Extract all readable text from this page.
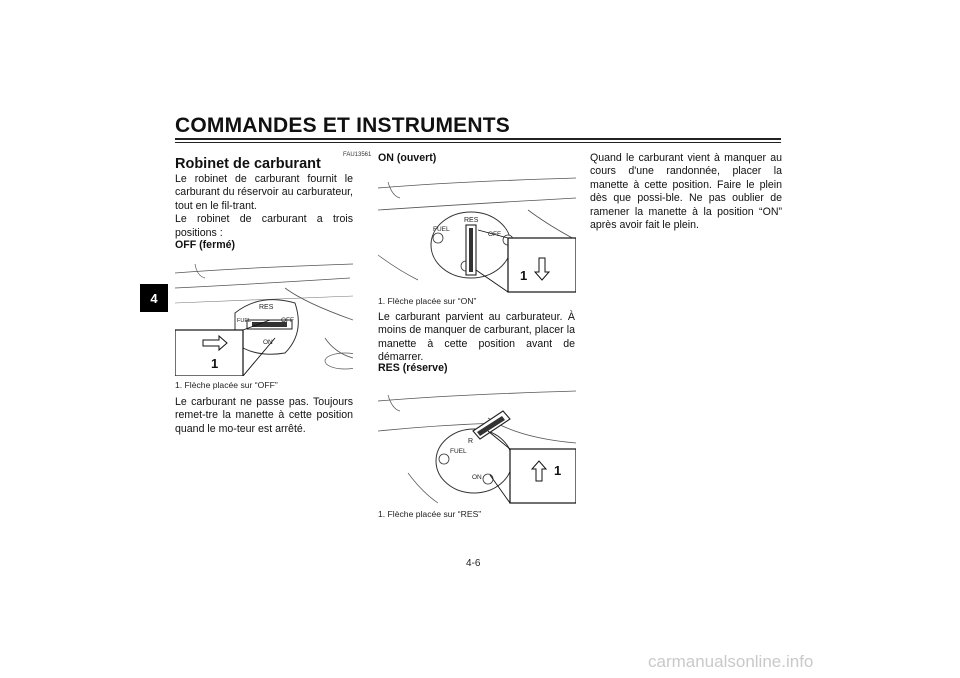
COMMANDES ET INSTRUMENTS
4
FAU13561
Robinet de carburant

Le robinet de carburant fournit le carburant du réservoir au carburateur, tout en le fil-trant.

Le robinet de carburant a trois positions :

OFF (fermé)
RES
FUEL	OFF
ON
1
1. Flèche placée sur “OFF”
Le carburant ne passe pas. Toujours remet-tre la manette à cette position quand le mo-teur est arrêté.
ON (ouvert)
RES
FUEL
OFF
1
1. Flèche placée sur “ON”
Le carburant parvient au carburateur. À moins de manquer de carburant, placer la manette à cette position avant de démarrer.
RES (réserve)
R
FUEL
ON	1
1. Flèche placée sur “RES”
Quand le carburant vient à manquer au cours d'une randonnée, placer la manette à cette position. Faire le plein dès que possi-ble. Ne pas oublier de ramener la manette à la position “ON” après avoir fait le plein.
4-6
carmanualsonline.info
